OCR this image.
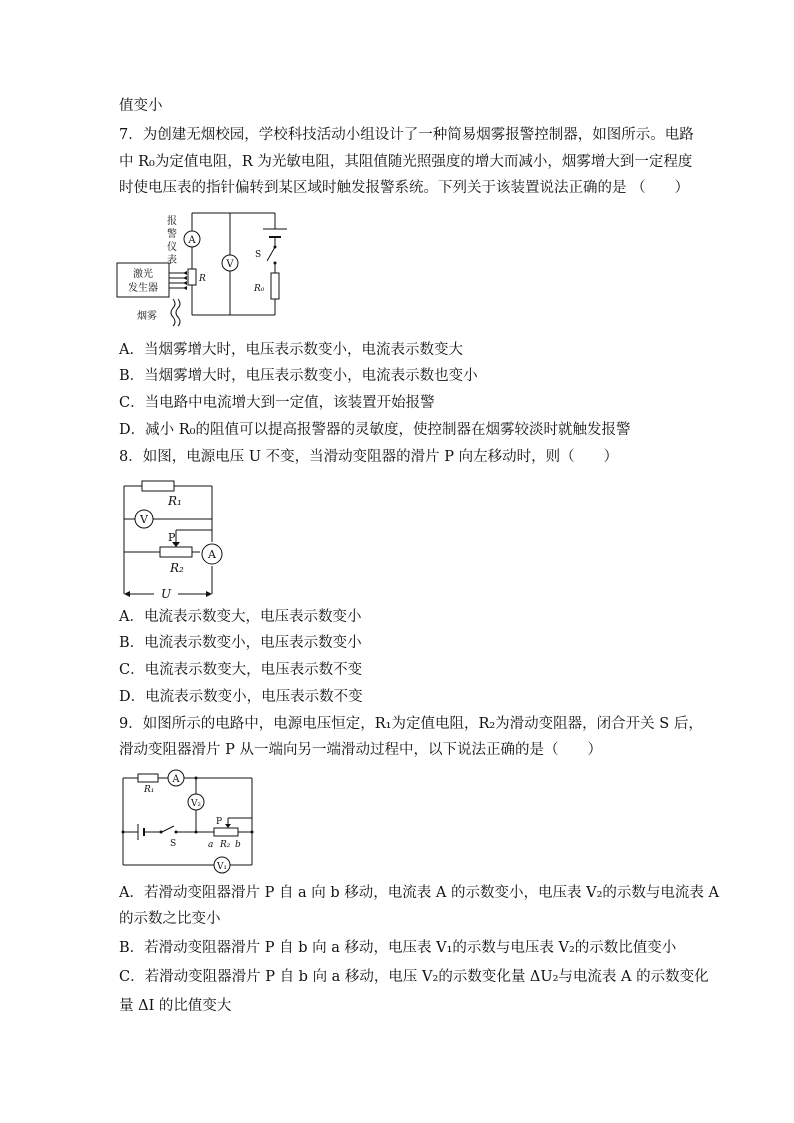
值变小
7．为创建无烟校园，学校科技活动小组设计了一种简易烟雾报警控制器，如图所示。电路
中 R₀为定值电阻，R 为光敏电阻，其阻值随光照强度的增大而减小，烟雾增大到一定程度
时使电压表的指针偏转到某区域时触发报警系统。下列关于该装置说法正确的是 （　　）
A
V
报
警
仪
表
R
S
R₀
激光
发生器
烟雾
A．当烟雾增大时，电压表示数变小，电流表示数变大
B．当烟雾增大时，电压表示数变小，电流表示数也变小
C．当电路中电流增大到一定值，该装置开始报警
D．减小 R₀的阻值可以提高报警器的灵敏度，使控制器在烟雾较淡时就触发报警
8．如图，电源电压 U 不变，当滑动变阻器的滑片 P 向左移动时，则（　　）
V
A
R₁
P
R₂
U
A．电流表示数变大，电压表示数变小
B．电流表示数变小，电压表示数变小
C．电流表示数变大，电压表示数不变
D．电流表示数变小，电压表示数不变
9．如图所示的电路中，电源电压恒定，R₁为定值电阻，R₂为滑动变阻器，闭合开关 S 后，
滑动变阻器滑片 P 从一端向另一端滑动过程中，以下说法正确的是（　　）
A
V₂
V₁
R₁
P
a R₂ b
S
A．若滑动变阻器滑片 P 自 a 向 b 移动，电流表 A 的示数变小，电压表 V₂的示数与电流表 A
的示数之比变小
B．若滑动变阻器滑片 P 自 b 向 a 移动，电压表 V₁的示数与电压表 V₂的示数比值变小
C．若滑动变阻器滑片 P 自 b 向 a 移动，电压 V₂的示数变化量 ΔU₂与电流表 A 的示数变化
量 ΔI 的比值变大
